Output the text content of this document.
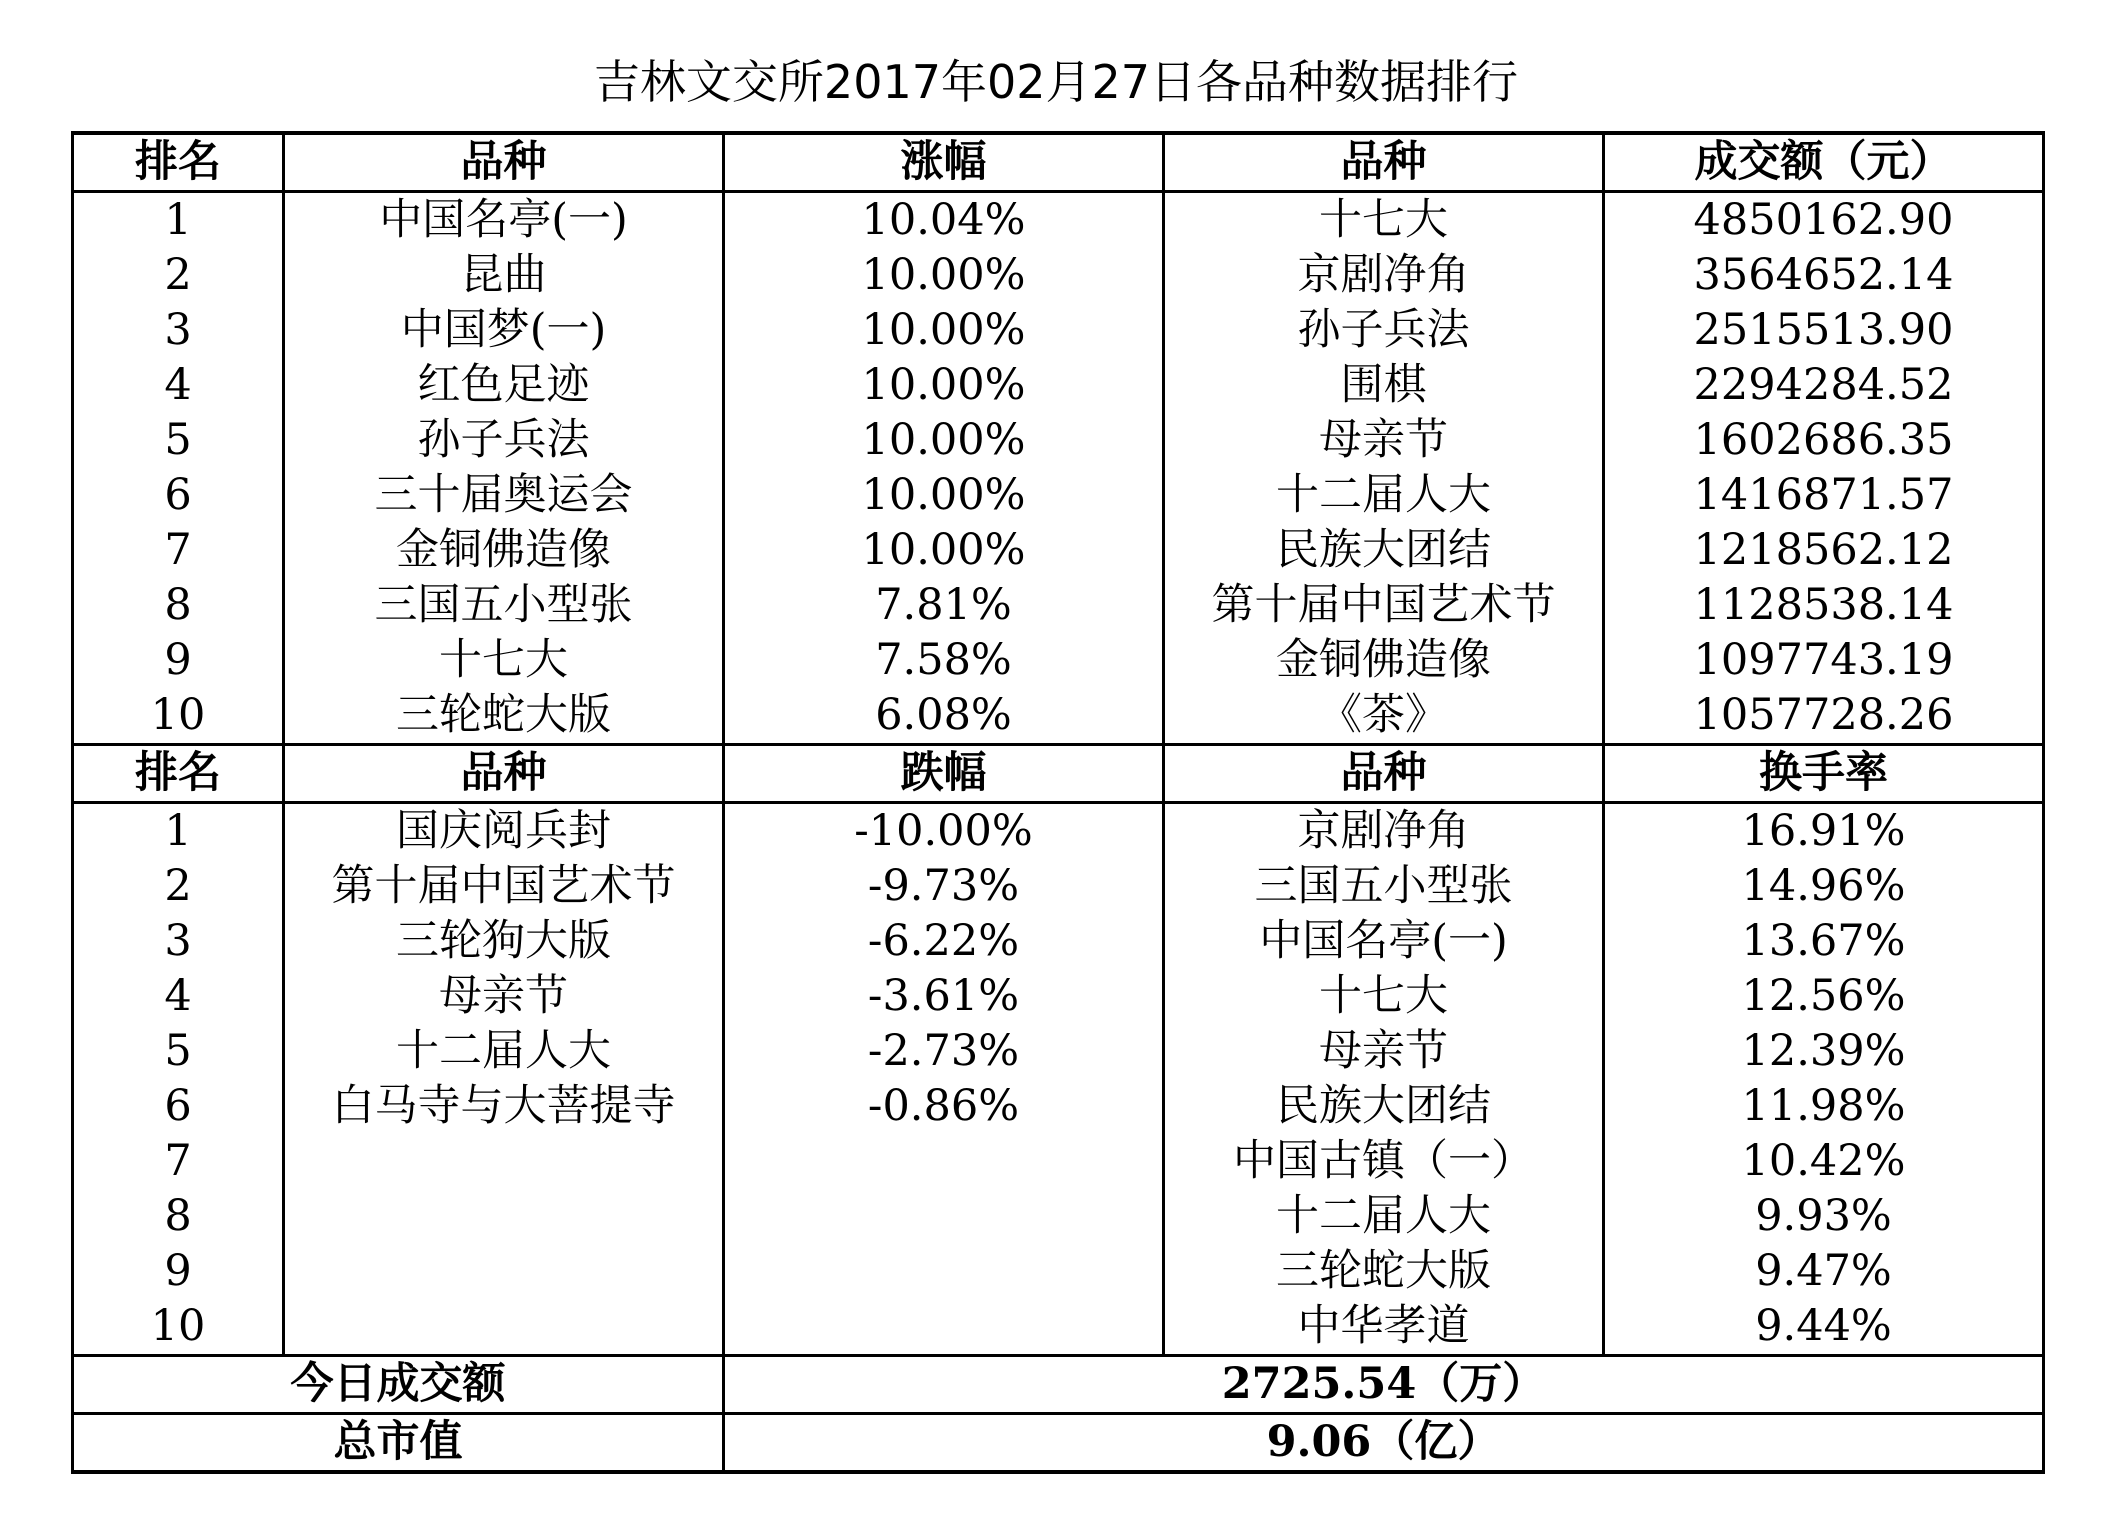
吉林文交所2017年02月27日各品种数据排行
排名	品种	涨幅	品种	成交额（元）
1	中国名亭(一)	10.04%	十七大	4850162.90
2	昆曲	10.00%	京剧净角	3564652.14
3	中国梦(一)	10.00%	孙子兵法	2515513.90
4	红色足迹	10.00%	围棋	2294284.52
5	孙子兵法	10.00%	母亲节	1602686.35
6	三十届奥运会	10.00%	十二届人大	1416871.57
7	金铜佛造像	10.00%	民族大团结	1218562.12
8	三国五小型张	7.81%	第十届中国艺术节	1128538.14
9	十七大	7.58%	金铜佛造像	1097743.19
10	三轮蛇大版	6.08%	《茶》	1057728.26
排名	品种	跌幅	品种	换手率
1	国庆阅兵封	-10.00%	京剧净角	16.91%
2	第十届中国艺术节	-9.73%	三国五小型张	14.96%
3	三轮狗大版	-6.22%	中国名亭(一)	13.67%
4	母亲节	-3.61%	十七大	12.56%
5	十二届人大	-2.73%	母亲节	12.39%
6	白马寺与大菩提寺	-0.86%	民族大团结	11.98%
7			中国古镇（一）	10.42%
8			十二届人大	9.93%
9			三轮蛇大版	9.47%
10			中华孝道	9.44%
今日成交额		2725.54（万）		
总市值		9.06（亿）		
